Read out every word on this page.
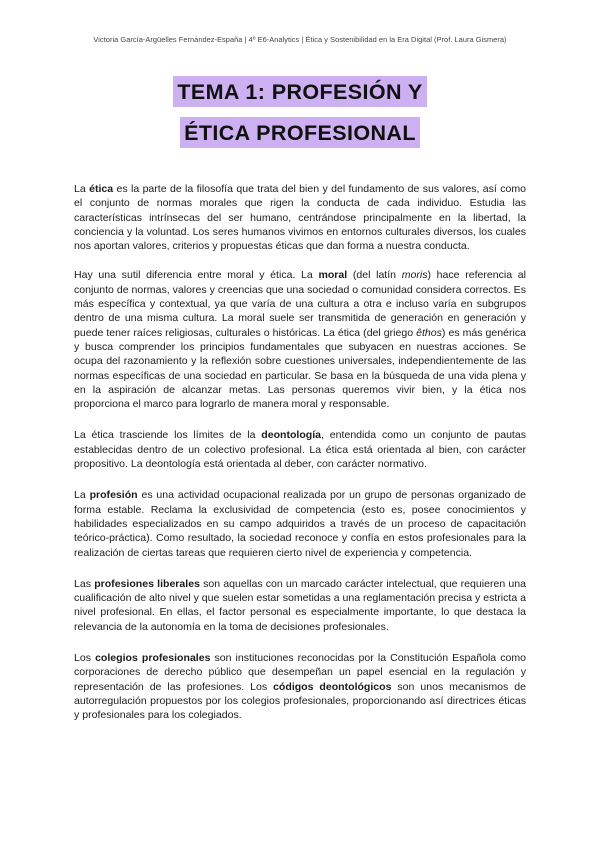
Victoria García-Argüelles Fernández-España | 4º E6-Analytics | Ética y Sostenibilidad en la Era Digital (Prof. Laura Gismera)
TEMA 1: PROFESIÓN Y
ÉTICA PROFESIONAL

La ética es la parte de la filosofía que trata del bien y del fundamento de sus valores, así como el conjunto de normas morales que rigen la conducta de cada individuo. Estudia las características intrínsecas del ser humano, centrándose principalmente en la libertad, la conciencia y la voluntad. Los seres humanos vivimos en entornos culturales diversos, los cuales nos aportan valores, criterios y propuestas éticas que dan forma a nuestra conducta.

Hay una sutil diferencia entre moral y ética. La moral (del latín moris) hace referencia al conjunto de normas, valores y creencias que una sociedad o comunidad considera correctos. Es más específica y contextual, ya que varía de una cultura a otra e incluso varía en subgrupos dentro de una misma cultura. La moral suele ser transmitida de generación en generación y puede tener raíces religiosas, culturales o históricas. La ética (del griego êthos) es más genérica y busca comprender los principios fundamentales que subyacen en nuestras acciones. Se ocupa del razonamiento y la reflexión sobre cuestiones universales, independientemente de las normas específicas de una sociedad en particular. Se basa en la búsqueda de una vida plena y en la aspiración de alcanzar metas. Las personas queremos vivir bien, y la ética nos proporciona el marco para lograrlo de manera moral y responsable.

La ética trasciende los límites de la deontología, entendida como un conjunto de pautas establecidas dentro de un colectivo profesional. La ética está orientada al bien, con carácter propositivo. La deontología está orientada al deber, con carácter normativo.

La profesión es una actividad ocupacional realizada por un grupo de personas organizado de forma estable. Reclama la exclusividad de competencia (esto es, posee conocimientos y habilidades especializados en su campo adquiridos a través de un proceso de capacitación teórico-práctica). Como resultado, la sociedad reconoce y confía en estos profesionales para la realización de ciertas tareas que requieren cierto nivel de experiencia y competencia.

Las profesiones liberales son aquellas con un marcado carácter intelectual, que requieren una cualificación de alto nivel y que suelen estar sometidas a una reglamentación precisa y estricta a nivel profesional. En ellas, el factor personal es especialmente importante, lo que destaca la relevancia de la autonomía en la toma de decisiones profesionales.

Los colegios profesionales son instituciones reconocidas por la Constitución Española como corporaciones de derecho público que desempeñan un papel esencial en la regulación y representación de las profesiones. Los códigos deontológicos son unos mecanismos de autorregulación propuestos por los colegios profesionales, proporcionando así directrices éticas y profesionales para los colegiados.
